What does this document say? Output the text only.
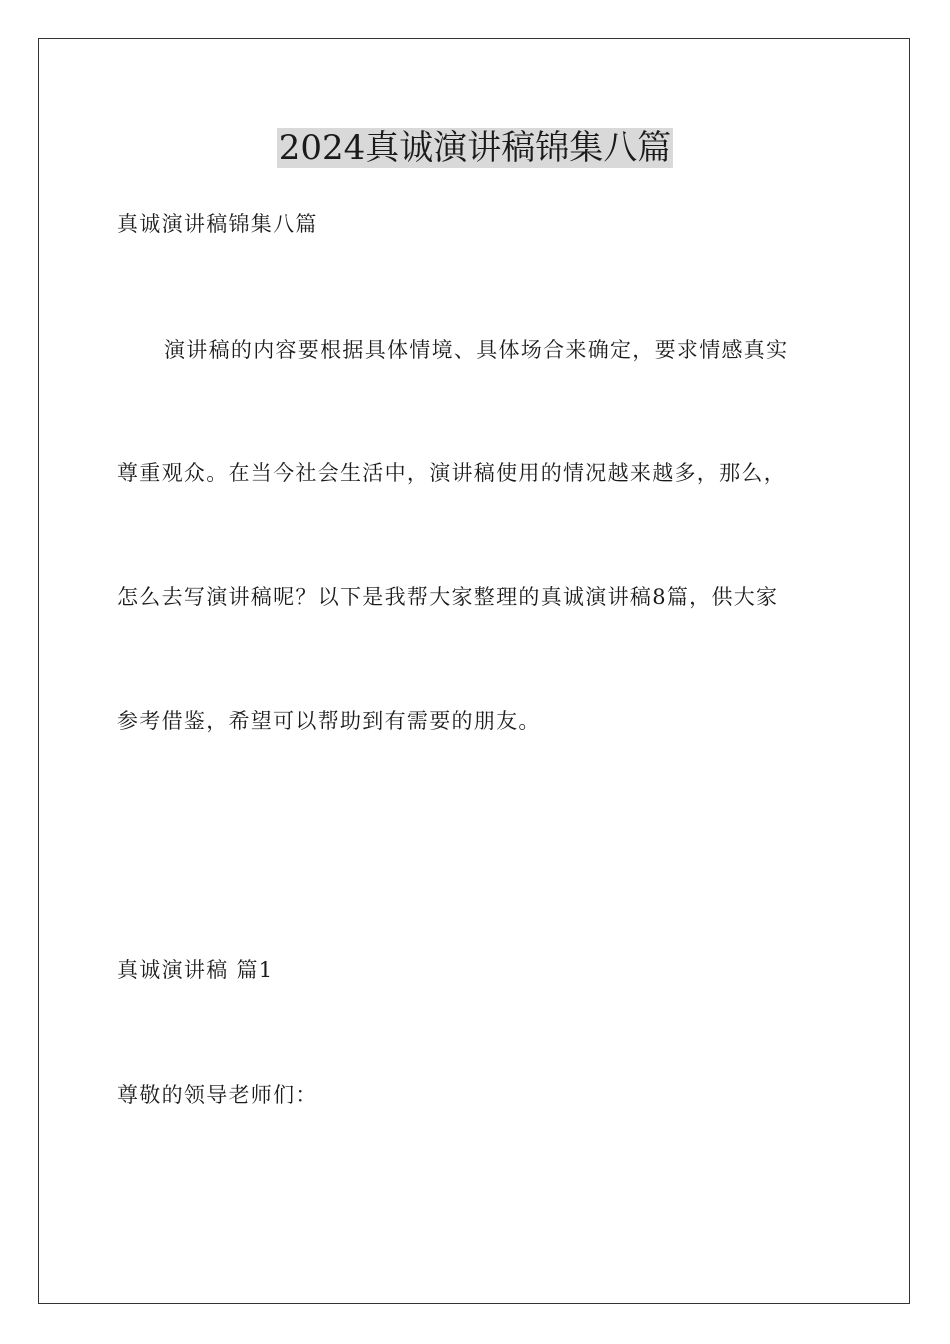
2024真诚演讲稿锦集八篇

真诚演讲稿锦集八篇

演讲稿的内容要根据具体情境、具体场合来确定，要求情感真实

尊重观众。在当今社会生活中，演讲稿使用的情况越来越多，那么，

怎么去写演讲稿呢？以下是我帮大家整理的真诚演讲稿8篇，供大家

参考借鉴，希望可以帮助到有需要的朋友。

真诚演讲稿 篇1

尊敬的领导老师们：
